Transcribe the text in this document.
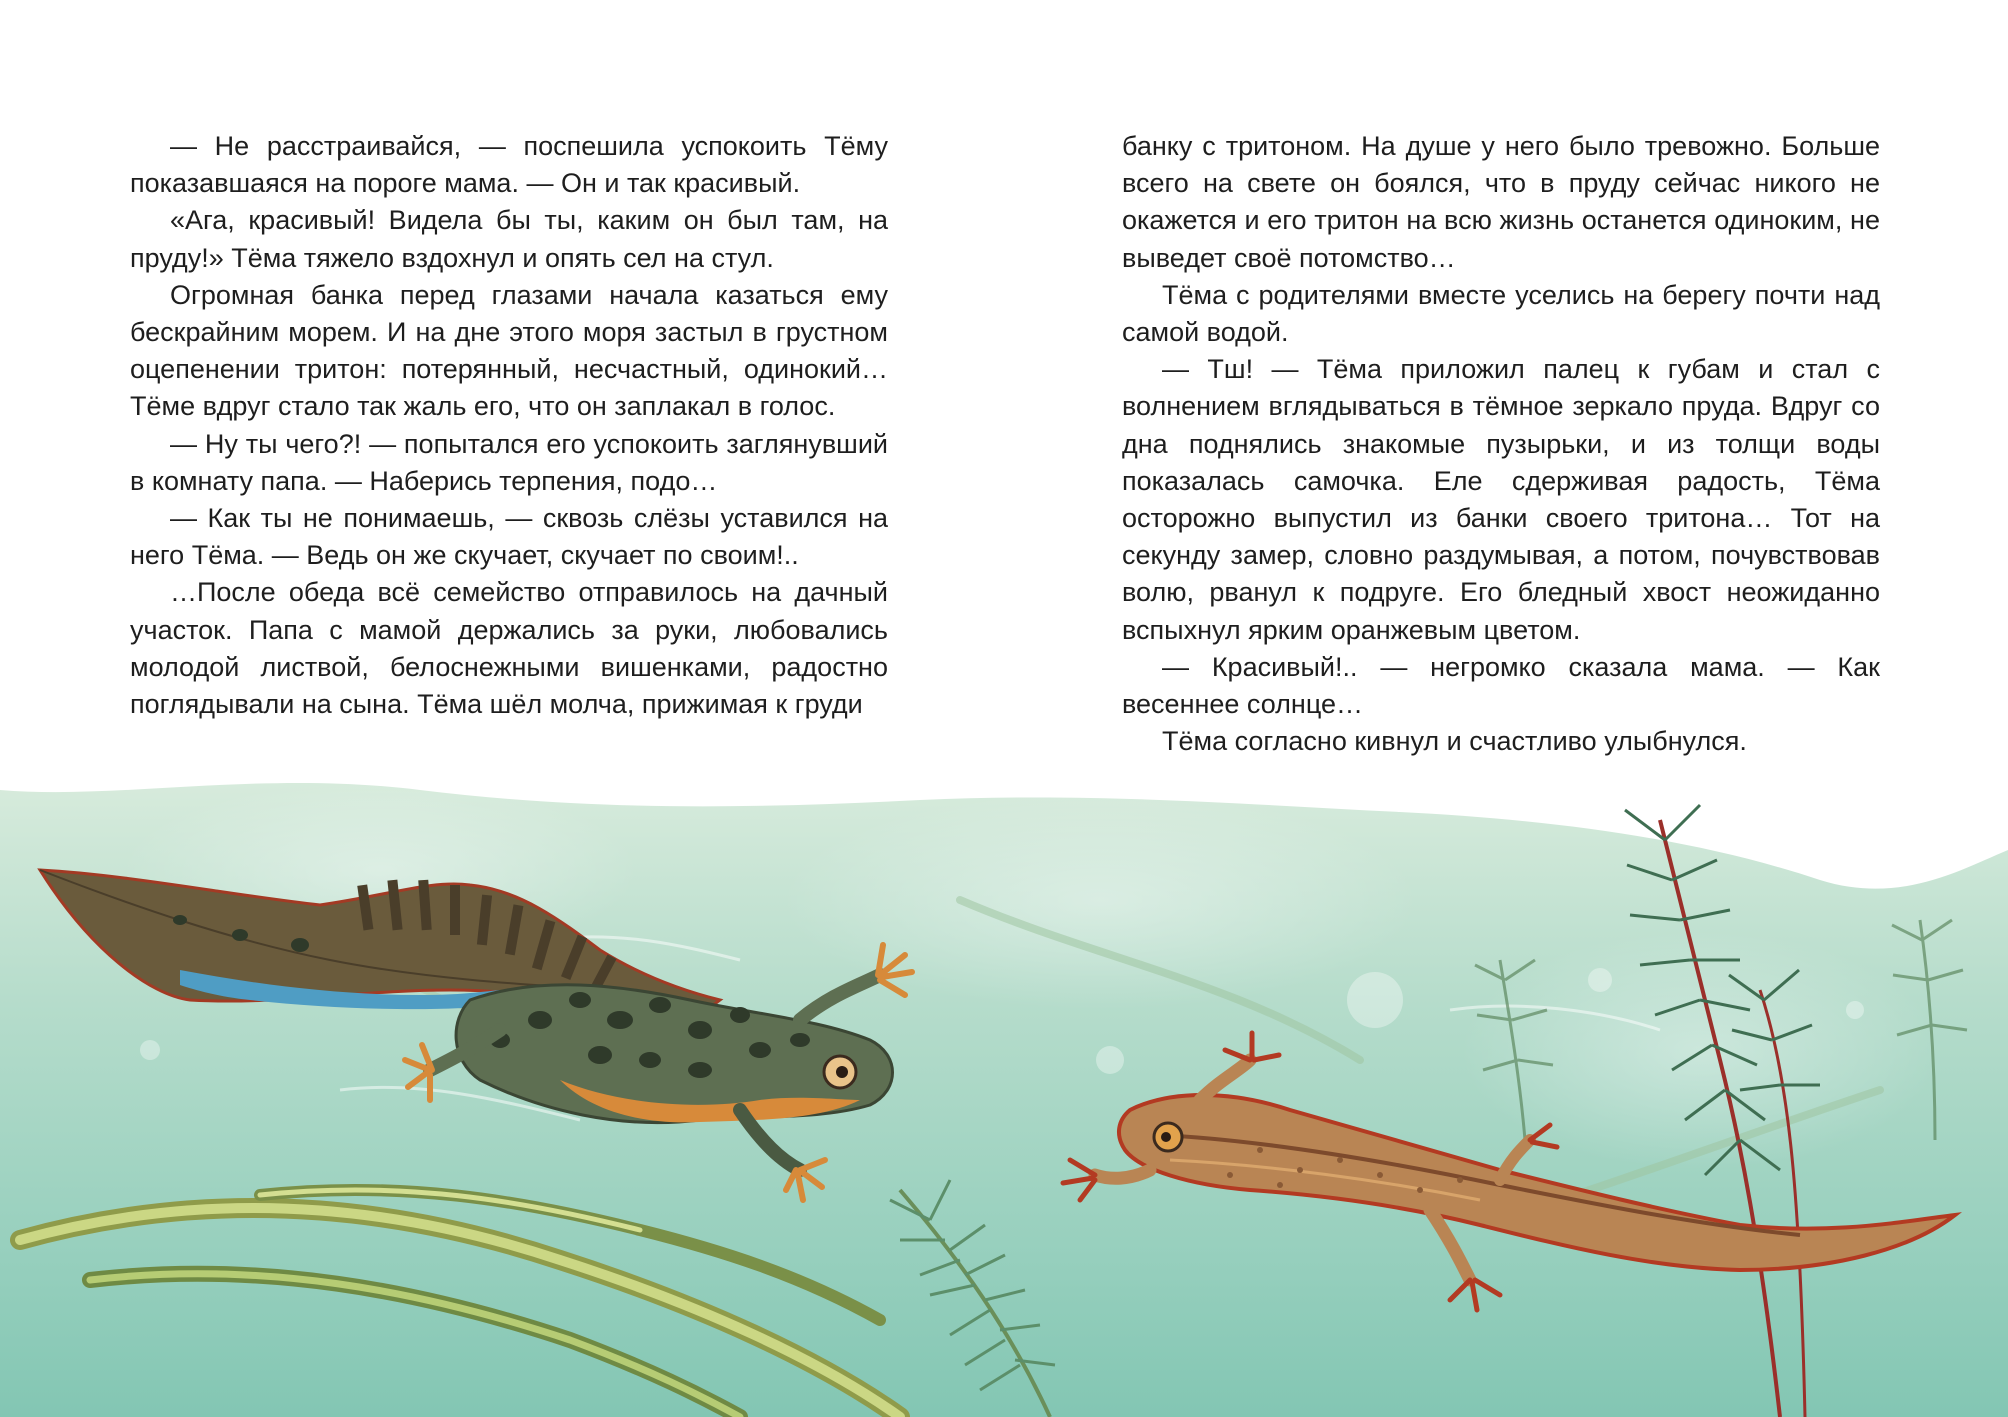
— Не расстраивайся, — поспешила успокоить Тёму показавшаяся на пороге мама. — Он и так красивый.

«Ага, красивый! Видела бы ты, каким он был там, на пруду!» Тёма тяжело вздохнул и опять сел на стул.

Огромная банка перед глазами начала казаться ему бескрайним морем. И на дне этого моря застыл в грустном оцепенении тритон: потерянный, несчастный, одинокий… Тёме вдруг стало так жаль его, что он заплакал в голос.

— Ну ты чего?! — попытался его успокоить заглянувший в комнату папа. — Наберись терпения, подо…

— Как ты не понимаешь, — сквозь слёзы уставился на него Тёма. — Ведь он же скучает, скучает по своим!..

…После обеда всё семейство отправилось на дачный участок. Папа с мамой держались за руки, любовались молодой листвой, белоснежными вишенками, радостно поглядывали на сына. Тёма шёл молча, прижимая к груди

банку с тритоном. На душе у него было тревожно. Больше всего на свете он боялся, что в пруду сейчас никого не окажется и его тритон на всю жизнь останется одиноким, не выведет своё потомство…

Тёма с родителями вместе уселись на берегу почти над самой водой.

— Тш! — Тёма приложил палец к губам и стал с волнением вглядываться в тёмное зеркало пруда. Вдруг со дна поднялись знакомые пузырьки, и из толщи воды показалась самочка. Еле сдерживая радость, Тёма осторожно выпустил из банки своего тритона… Тот на секунду замер, словно раздумывая, а потом, почувствовав волю, рванул к подруге. Его бледный хвост неожиданно вспыхнул ярким оранжевым цветом.

— Красивый!.. — негромко сказала мама. — Как весеннее солнце…

Тёма согласно кивнул и счастливо улыбнулся.
